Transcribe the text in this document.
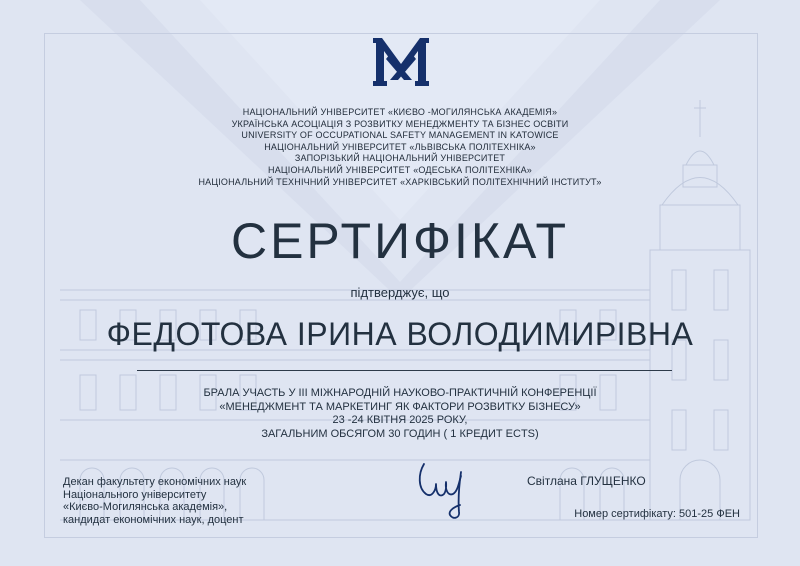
НАЦІОНАЛЬНИЙ УНІВЕРСИТЕТ «КИЄВО -МОГИЛЯНСЬКА АКАДЕМІЯ»
УКРАЇНСЬКА АСОЦІАЦІЯ З РОЗВИТКУ МЕНЕДЖМЕНТУ ТА БІЗНЕС ОСВІТИ
UNIVERSITY OF OCCUPATIONAL SAFETY MANAGEMENT IN KATOWICE
НАЦІОНАЛЬНИЙ УНІВЕРСИТЕТ «ЛЬВІВСЬКА ПОЛІТЕХНІКА»
ЗАПОРІЗЬКИЙ НАЦІОНАЛЬНИЙ УНІВЕРСИТЕТ
НАЦІОНАЛЬНИЙ УНІВЕРСИТЕТ «ОДЕСЬКА ПОЛІТЕХНІКА»
НАЦІОНАЛЬНИЙ ТЕХНІЧНИЙ УНІВЕРСИТЕТ «ХАРКІВСЬКИЙ ПОЛІТЕХНІЧНИЙ ІНСТИТУТ»
СЕРТИФІКАТ
підтверджує, що
ФЕДОТОВА ІРИНА ВОЛОДИМИРІВНА
БРАЛА УЧАСТЬ У ІІІ МІЖНАРОДНІЙ НАУКОВО-ПРАКТИЧНІЙ КОНФЕРЕНЦІЇ
«МЕНЕДЖМЕНТ ТА МАРКЕТИНГ ЯК ФАКТОРИ РОЗВИТКУ БІЗНЕСУ»
23 -24 КВІТНЯ 2025 РОКУ,
ЗАГАЛЬНИМ ОБСЯГОМ 30 ГОДИН ( 1 КРЕДИТ ECTS)
Декан факультету економічних наук
Національного університету
«Києво-Могилянська академія»,
кандидат економічних наук, доцент
Світлана ГЛУЩЕНКО
Номер сертифікату: 501-25 ФЕН
